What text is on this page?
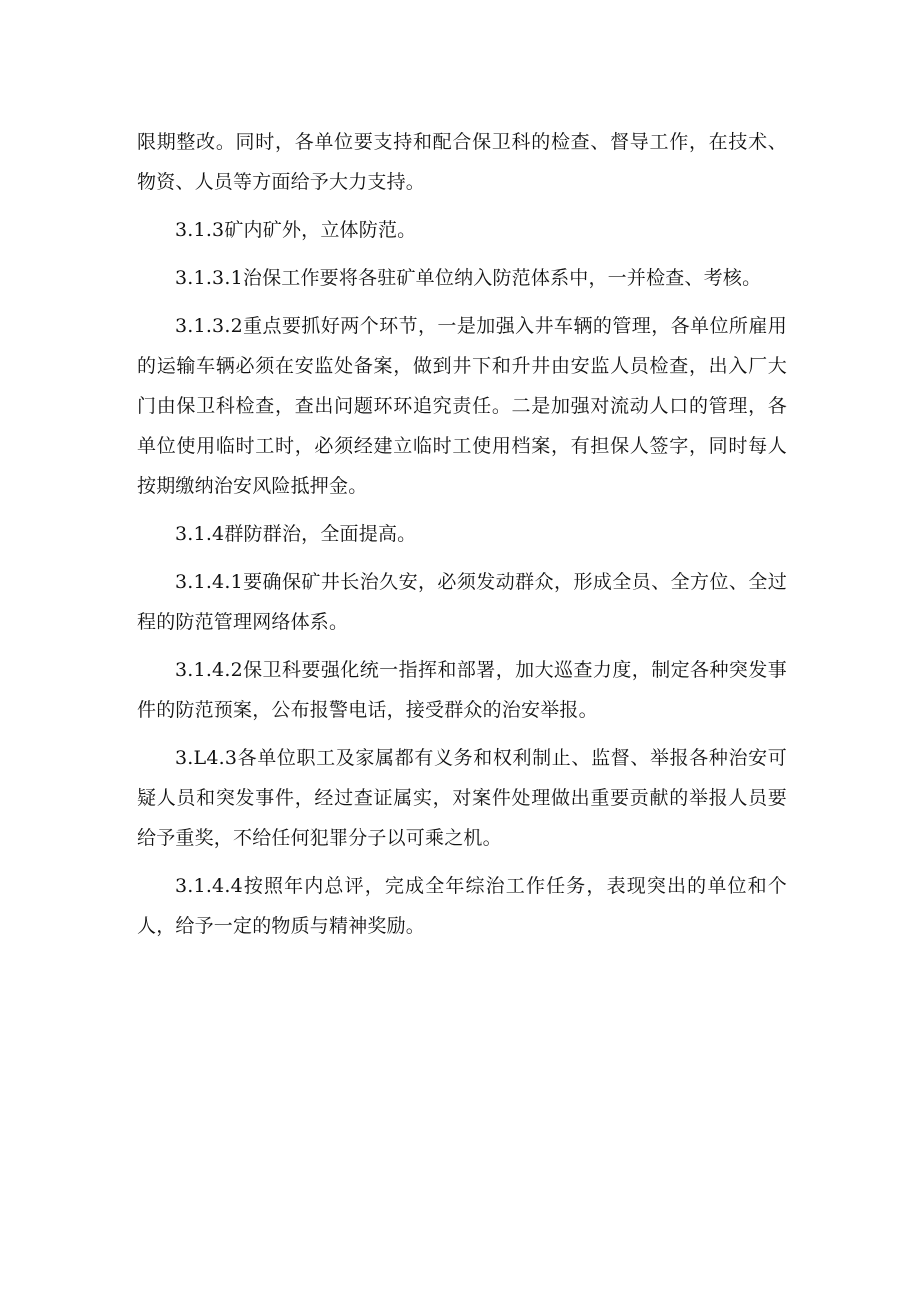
限期整改。同时，各单位要支持和配合保卫科的检查、督导工作，在技术、物资、人员等方面给予大力支持。

3.1.3矿内矿外，立体防范。

3.1.3.1治保工作要将各驻矿单位纳入防范体系中，一并检查、考核。

3.1.3.2重点要抓好两个环节，一是加强入井车辆的管理，各单位所雇用的运输车辆必须在安监处备案，做到井下和升井由安监人员检查，出入厂大门由保卫科检查，查出问题环环追究责任。二是加强对流动人口的管理，各单位使用临时工时，必须经建立临时工使用档案，有担保人签字，同时每人按期缴纳治安风险抵押金。

3.1.4群防群治，全面提高。

3.1.4.1要确保矿井长治久安，必须发动群众，形成全员、全方位、全过程的防范管理网络体系。

3.1.4.2保卫科要强化统一指挥和部署，加大巡查力度，制定各种突发事件的防范预案，公布报警电话，接受群众的治安举报。

3.L4.3各单位职工及家属都有义务和权利制止、监督、举报各种治安可疑人员和突发事件，经过查证属实，对案件处理做出重要贡献的举报人员要给予重奖，不给任何犯罪分子以可乘之机。

3.1.4.4按照年内总评，完成全年综治工作任务，表现突出的单位和个人，给予一定的物质与精神奖励。
